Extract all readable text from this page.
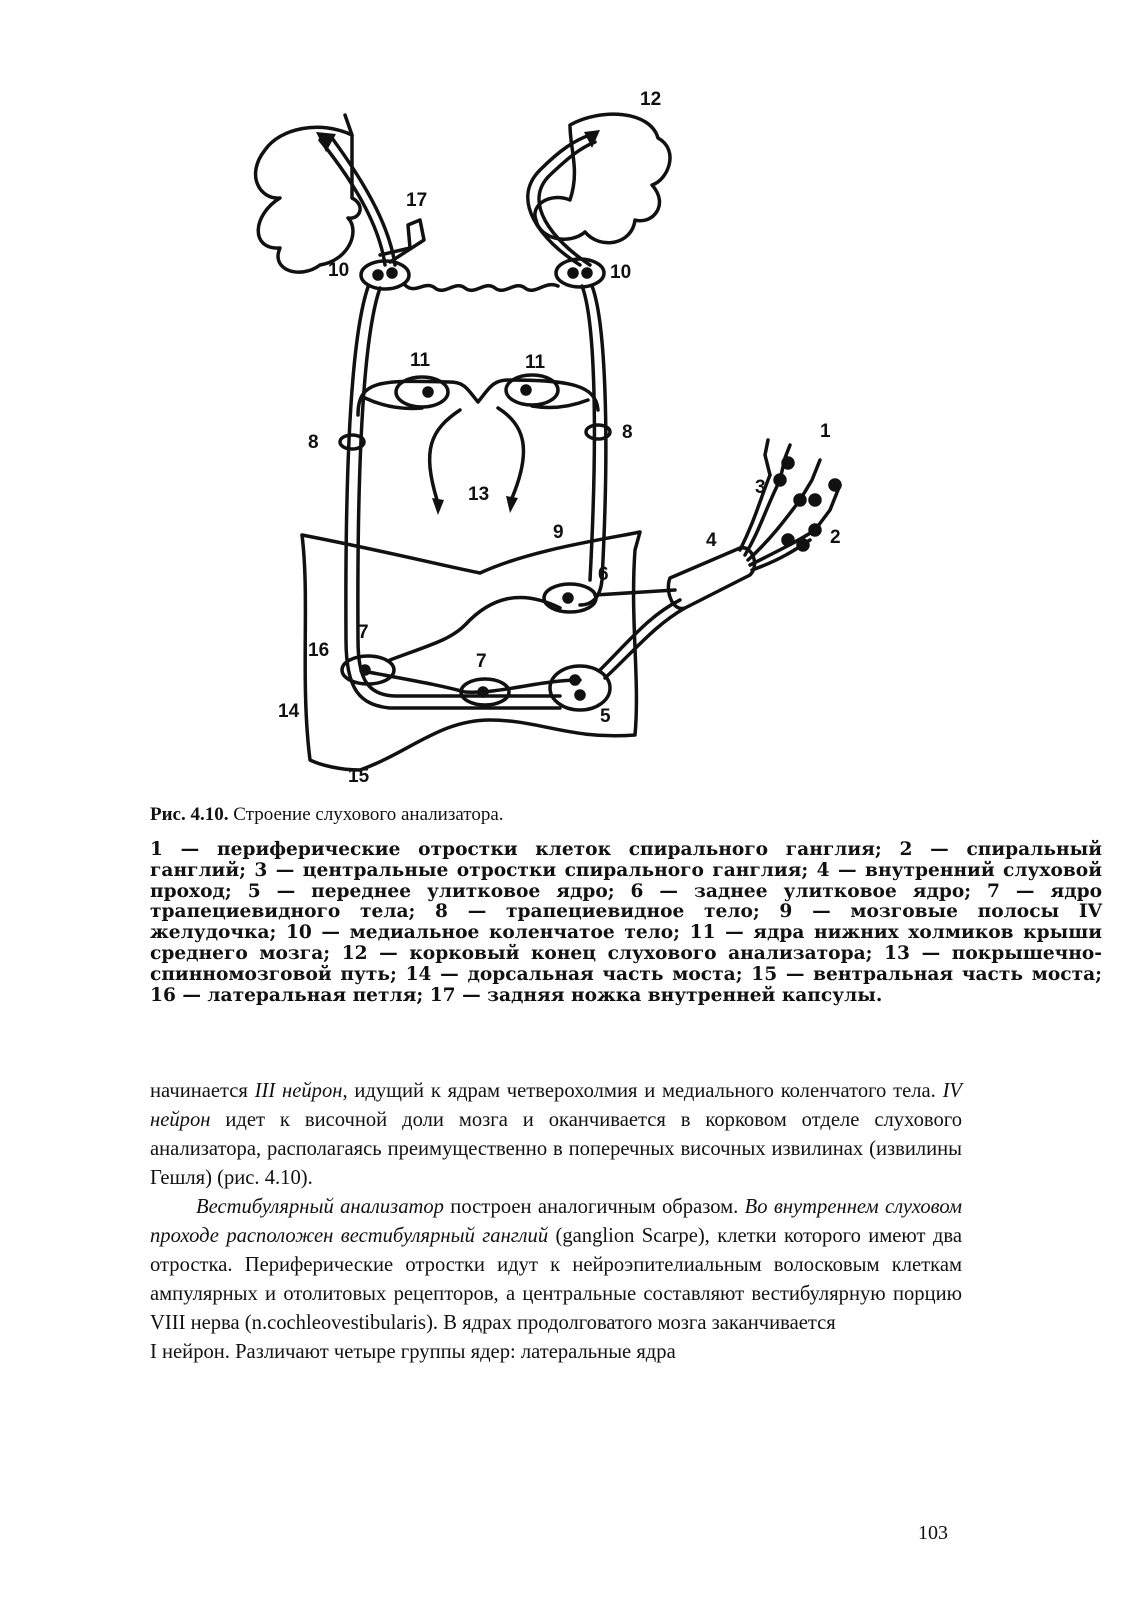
1
2
3
4
5
6
7
7
8	8
9
10	10
11	11
12
13
14
15
16
17
Рис. 4.10. Строение слухового анализатора.

1 — периферические отростки клеток спирального ганглия; 2 — спиральный ганглий; 3 — центральные отростки спирального ганглия; 4 — внутренний слуховой проход; 5 — переднее улитковое ядро; 6 — заднее улитковое ядро; 7 — ядро трапециевидного тела; 8 — трапециевидное тело; 9 — мозговые полосы IV желудочка; 10 — медиальное коленчатое тело; 11 — ядра нижних холмиков крыши среднего мозга; 12 — корковый конец слухового анализатора; 13 — покрышечно-спинномозговой путь; 14 — дорсальная часть моста; 15 — вентральная часть моста; 16 — латеральная петля; 17 — задняя ножка внутренней капсулы.

начинается III нейрон, идущий к ядрам четверохолмия и медиального коленчатого тела. IV нейрон идет к височной доли мозга и оканчивается в корковом отделе слухового анализатора, располагаясь преимущественно в поперечных височных извилинах (извилины Гешля) (рис. 4.10).

Вестибулярный анализатор построен аналогичным образом. Во внутреннем слуховом проходе расположен вестибулярный ганглий (ganglion Scarpe), клетки которого имеют два отростка. Периферические отростки идут к нейроэпителиальным волосковым клеткам ампулярных и отолитовых рецепторов, а центральные составляют вестибулярную порцию VIII нерва (n.cochleovestibularis). В ядрах продолговатого мозга заканчивается

I нейрон. Различают четыре группы ядер: латеральные ядра

103
